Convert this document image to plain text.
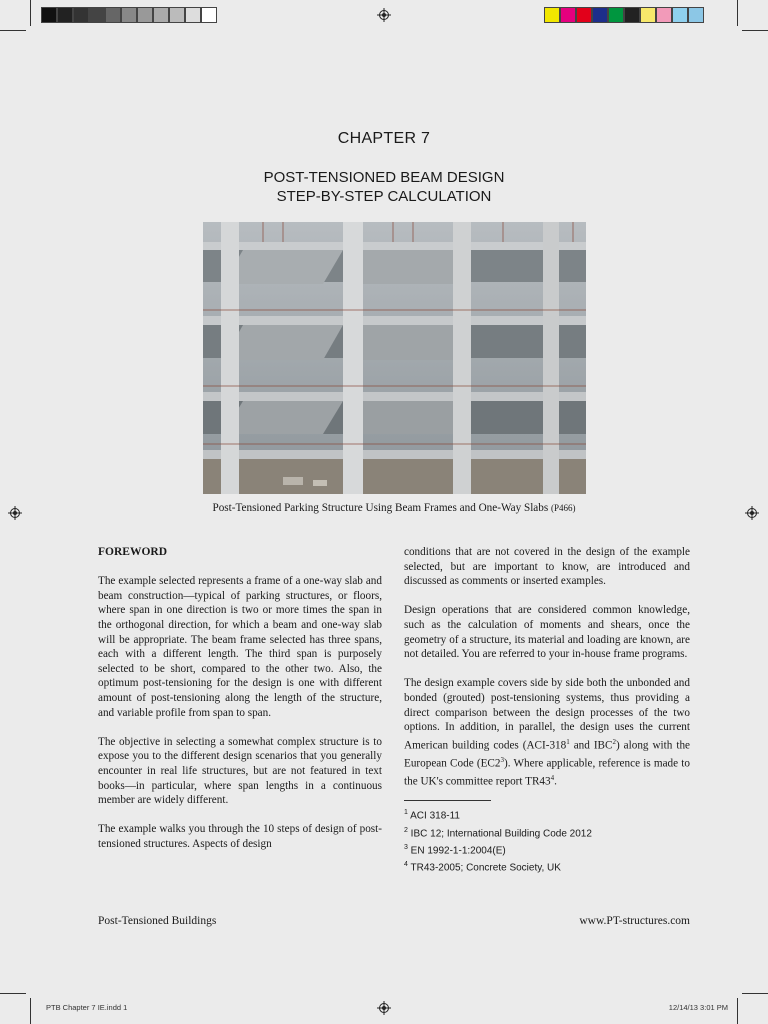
CHAPTER 7
POST-TENSIONED BEAM DESIGN
STEP-BY-STEP CALCULATION
Post-Tensioned Parking Structure Using Beam Frames and One-Way Slabs (P466)
FOREWORD

The example selected represents a frame of a one-way slab and beam construction—typical of parking structures, or floors, where span in one direction is two or more times the span in the orthogonal direction, for which a beam and one-way slab will be appropriate. The beam frame selected has three spans, each with a different length. The third span is purposely selected to be short, compared to the other two. Also, the optimum post-tensioning for the design is one with different amount of post-tensioning along the length of the structure, and variable profile from span to span.

The objective in selecting a somewhat complex structure is to expose you to the different design scenarios that you generally encounter in real life structures, but are not featured in text books—in particular, where span lengths in a continuous member are widely different.

The example walks you through the 10 steps of design of post-tensioned structures. Aspects of design

conditions that are not covered in the design of the example selected, but are important to know, are introduced and discussed as comments or inserted examples.

Design operations that are considered common knowledge, such as the calculation of moments and shears, once the geometry of a structure, its material and loading are known, are not detailed. You are referred to your in-house frame programs.

The design example covers side by side both the unbonded and bonded (grouted) post-tensioning systems, thus providing a direct comparison between the design processes of the two options. In addition, in parallel, the design uses the current American building codes ($ACI-318^1$ and IBC$^2$) along with the European Code $(EC2^3)$. Where applicable, reference is made to the UK's committee report $TR43^4$.

$^1$ ACI 318-11
$^2$ IBC 12; International Building Code 2012
$^3$ EN 1992-1-1:2004(E)
$^4$ TR43-2005; Concrete Society, UK
Post-Tensioned Buildings	www.PT-structures.com
PTB Chapter 7 IE.indd 1	12/14/13 3:01 PM
